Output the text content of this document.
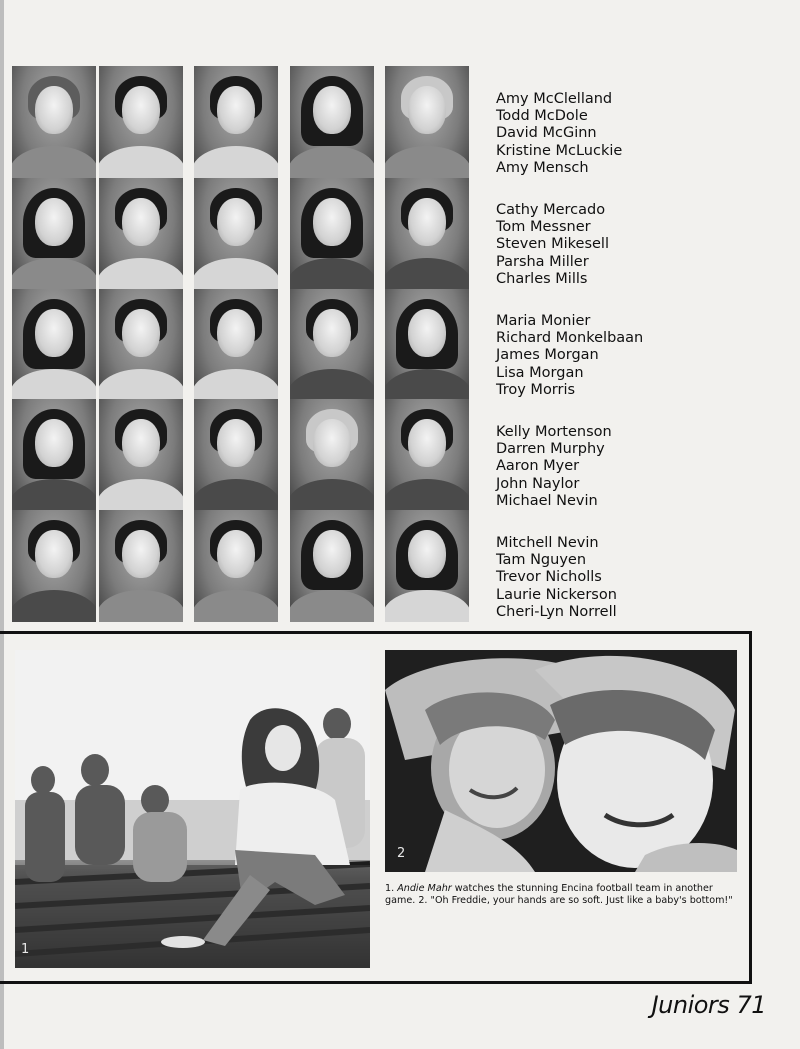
Amy McClelland
Todd McDole
David McGinn
Kristine McLuckie
Amy Mensch
Cathy Mercado
Tom Messner
Steven Mikesell
Parsha Miller
Charles Mills
Maria Monier
Richard Monkelbaan
James Morgan
Lisa Morgan
Troy Morris
Kelly Mortenson
Darren Murphy
Aaron Myer
John Naylor
Michael Nevin
Mitchell Nevin
Tam Nguyen
Trevor Nicholls
Laurie Nickerson
Cheri-Lyn Norrell
1
2

1. Andie Mahr watches the stunning Encina football team in another game. 2. "Oh Freddie, your hands are so soft. Just like a baby's bottom!"

Juniors 71
